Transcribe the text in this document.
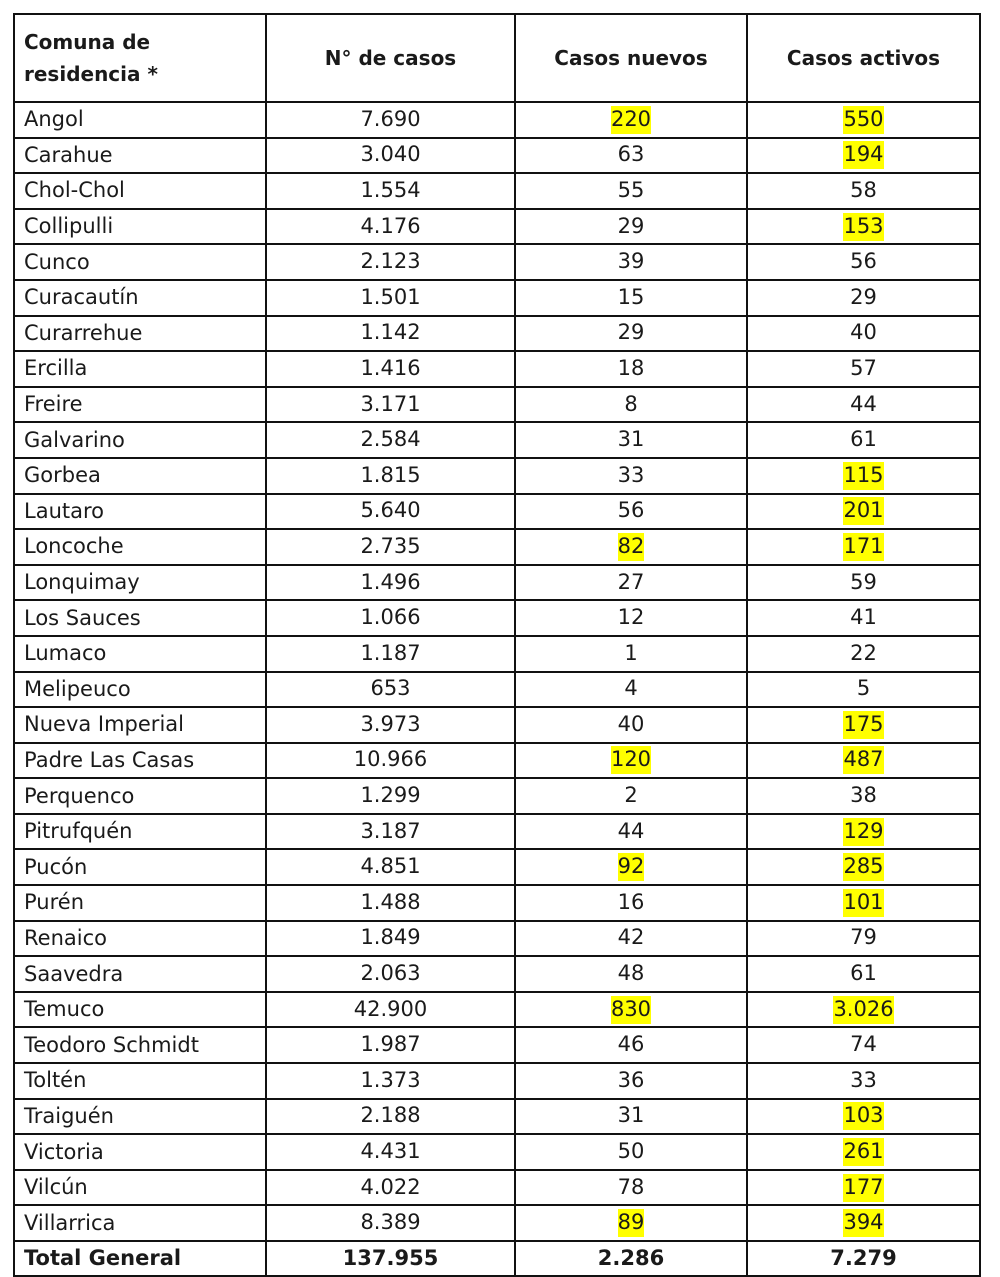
Comuna de
residencia *	N° de casos	Casos nuevos	Casos activos
Angol	7.690	220	550
Carahue	3.040	63	194
Chol-Chol	1.554	55	58
Collipulli	4.176	29	153
Cunco	2.123	39	56
Curacautín	1.501	15	29
Curarrehue	1.142	29	40
Ercilla	1.416	18	57
Freire	3.171	8	44
Galvarino	2.584	31	61
Gorbea	1.815	33	115
Lautaro	5.640	56	201
Loncoche	2.735	82	171
Lonquimay	1.496	27	59
Los Sauces	1.066	12	41
Lumaco	1.187	1	22
Melipeuco	653	4	5
Nueva Imperial	3.973	40	175
Padre Las Casas	10.966	120	487
Perquenco	1.299	2	38
Pitrufquén	3.187	44	129
Pucón	4.851	92	285
Purén	1.488	16	101
Renaico	1.849	42	79
Saavedra	2.063	48	61
Temuco	42.900	830	3.026
Teodoro Schmidt	1.987	46	74
Toltén	1.373	36	33
Traiguén	2.188	31	103
Victoria	4.431	50	261
Vilcún	4.022	78	177
Villarrica	8.389	89	394
Total General	137.955	2.286	7.279
